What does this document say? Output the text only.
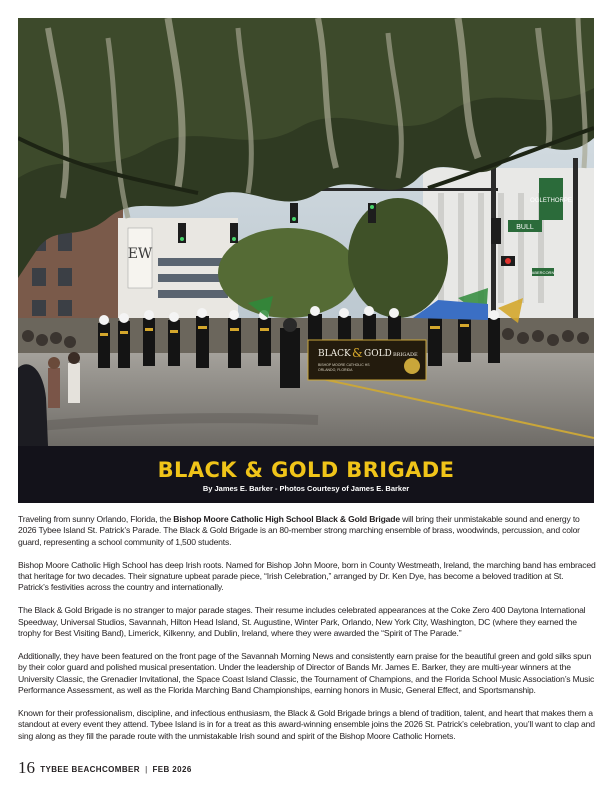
EW
BULL
ABERCORN
OGLETHORPE
BLACK & GOLD BRIGADE
BISHOP MOORE CATHOLIC HS
ORLANDO, FLORIDA
BLACK & GOLD BRIGADE

By James E. Barker - Photos Courtesy of James E. Barker

Traveling from sunny Orlando, Florida, the Bishop Moore Catholic High School Black & Gold Brigade will bring their unmistakable sound and energy to 2026 Tybee Island St. Patrick’s Parade. The Black & Gold Brigade is an 80-member strong marching ensemble of brass, woodwinds, percussion, and color guard, representing a school community of 1,500 students.

Bishop Moore Catholic High School has deep Irish roots. Named for Bishop John Moore, born in County Westmeath, Ireland, the marching band has embraced that heritage for two decades. Their signature upbeat parade piece, “Irish Celebration,” arranged by Dr. Ken Dye, has become a beloved tradition at St. Patrick’s festivities across the country and internationally.

The Black & Gold Brigade is no stranger to major parade stages. Their resume includes celebrated appearances at the Coke Zero 400 Daytona International Speedway, Universal Studios, Savannah, Hilton Head Island, St. Augustine, Winter Park, Orlando, New York City, Washington, DC (where they earned the trophy for Best Visiting Band), Limerick, Kilkenny, and Dublin, Ireland, where they were awarded the “Spirit of The Parade.”

Additionally, they have been featured on the front page of the Savannah Morning News and consistently earn praise for the beautiful green and gold silks spun by their color guard and polished musical presentation. Under the leadership of Director of Bands Mr. James E. Barker, they are multi-year winners at the University Classic, the Grenadier Invitational, the Space Coast Island Classic, the Tournament of Champions, and the Florida School Music Association’s Music Performance Assessment, as well as the Florida Marching Band Championships, earning honors in Music, General Effect, and Sportsmanship.

Known for their professionalism, discipline, and infectious enthusiasm, the Black & Gold Brigade brings a blend of tradition, talent, and heart that makes them a standout at every event they attend. Tybee Island is in for a treat as this award-winning ensemble joins the 2026 St. Patrick’s celebration, you’ll want to clap and sing along as they fill the parade route with the unmistakable Irish sound and spirit of the Bishop Moore Catholic Hornets.

16 TYBEE BEACHCOMBER | FEB 2026
